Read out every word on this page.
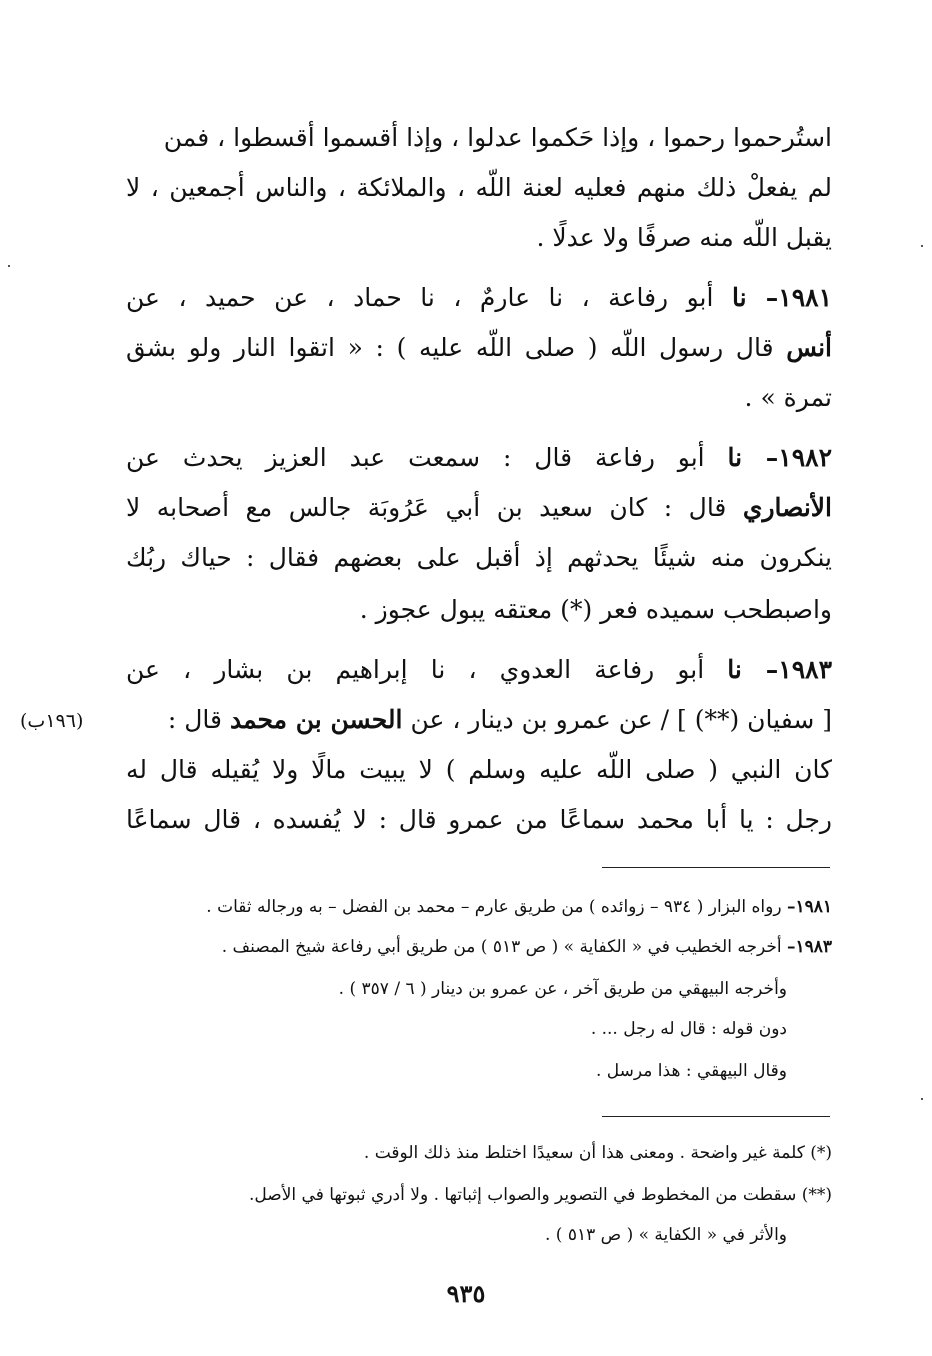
استُرحموا رحموا ، وإذا حَكموا عدلوا ، وإذا أقسموا أقسطوا ، فمن
لم يفعلْ ذلك منهم فعليه لعنة اللّه ، والملائكة ، والناس أجمعين ، لا
يقبل اللّه منه صرفًا ولا عدلًا .
١٩٨١– نا أبو رفاعة ، نا عارمٌ ، نا حماد ، عن حميد ، عن
أنس قال رسول اللّه ( صلى اللّه عليه ) : « اتقوا النار ولو بشق
تمرة » .
١٩٨٢– نا أبو رفاعة قال : سمعت عبد العزيز يحدث عن
الأنصاري قال : كان سعيد بن أبي عَرُوبَة جالس مع أصحابه لا
ينكرون منه شيئًا يحدثهم إذ أقبل على بعضهم فقال : حياك ربُك
واصبطحب سميده فعر (*) معتقه يبول عجوز .
١٩٨٣– نا أبو رفاعة العدوي ، نا إبراهيم بن بشار ، عن
[ سفيان (**) ] / عن عمرو بن دينار ، عن الحسن بن محمد قال :
كان النبي ( صلى اللّه عليه وسلم ) لا يبيت مالًا ولا يُقيله قال له
رجل : يا أبا محمد سماعًا من عمرو قال : لا يُفسده ، قال سماعًا
(١٩٦ب)
١٩٨١– رواه البزار ( ٩٣٤ – زوائده ) من طريق عارم – محمد بن الفضل – به ورجاله ثقات .
١٩٨٣– أخرجه الخطيب في « الكفاية » ( ص ٥١٣ ) من طريق أبي رفاعة شيخ المصنف .
وأخرجه البيهقي من طريق آخر ، عن عمرو بن دينار ( ٦ / ٣٥٧ ) .
دون قوله : قال له رجل ... .
وقال البيهقي : هذا مرسل .
(*) كلمة غير واضحة . ومعنى هذا أن سعيدًا اختلط منذ ذلك الوقت .
(**) سقطت من المخطوط في التصوير والصواب إثباتها . ولا أدري ثبوتها في الأصل.
والأثر في « الكفاية » ( ص ٥١٣ ) .
٩٣٥
